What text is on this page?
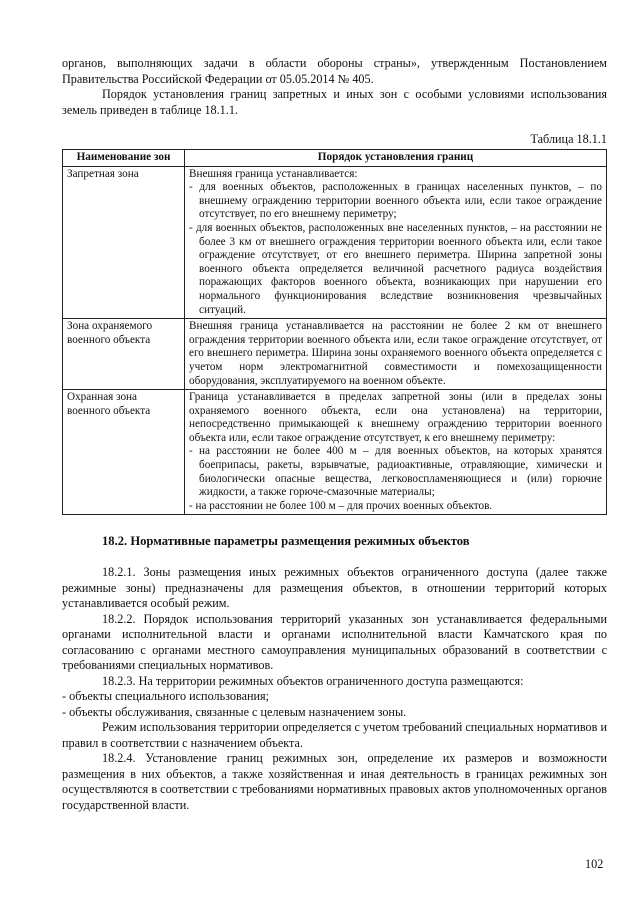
органов, выполняющих задачи в области обороны страны», утвержденным Постановлением Правительства Российской Федерации от 05.05.2014 № 405.

Порядок установления границ запретных и иных зон с особыми условиями использования земель приведен в таблице 18.1.1.

Таблица 18.1.1
Наименование зон	Порядок установления границ
Запретная зона	Внешняя граница устанавливается:
- для военных объектов, расположенных в границах населенных пунктов, – по внешнему ограждению территории военного объекта или, если такое ограждение отсутствует, по его внешнему периметру;
- для военных объектов, расположенных вне населенных пунктов, – на расстоянии не более 3 км от внешнего ограждения территории военного объекта или, если такое ограждение отсутствует, от его внешнего периметра. Ширина запретной зоны военного объекта определяется величиной расчетного радиуса воздействия поражающих факторов военного объекта, возникающих при нарушении его нормального функционирования вследствие возникновения чрезвычайных ситуаций.

Зона охраняемого военного объекта	Внешняя граница устанавливается на расстоянии не более 2 км от внешнего ограждения территории военного объекта или, если такое ограждение отсутствует, от его внешнего периметра. Ширина зоны охраняемого военного объекта определяется с учетом норм электромагнитной совместимости и помехозащищенности оборудования, эксплуатируемого на военном объекте.

Охранная зона военного объекта	Граница устанавливается в пределах запретной зоны (или в пределах зоны охраняемого военного объекта, если она установлена) на территории, непосредственно примыкающей к внешнему ограждению территории военного объекта или, если такое ограждение отсутствует, к его внешнему периметру:
- на расстоянии не более 400 м – для военных объектов, на которых хранятся боеприпасы, ракеты, взрывчатые, радиоактивные, отравляющие, химически и биологически опасные вещества, легковоспламеняющиеся и (или) горючие жидкости, а также горюче-смазочные материалы;
- на расстоянии не более 100 м – для прочих военных объектов.
18.2. Нормативные параметры размещения режимных объектов

18.2.1. Зоны размещения иных режимных объектов ограниченного доступа (далее также режимные зоны) предназначены для размещения объектов, в отношении территорий которых устанавливается особый режим.

18.2.2. Порядок использования территорий указанных зон устанавливается федеральными органами исполнительной власти и органами исполнительной власти Камчатского края по согласованию с органами местного самоуправления муниципальных образований в соответствии с требованиями специальных нормативов.

18.2.3. На территории режимных объектов ограниченного доступа размещаются:

- объекты специального использования;

- объекты обслуживания, связанные с целевым назначением зоны.

Режим использования территории определяется с учетом требований специальных нормативов и правил в соответствии с назначением объекта.

18.2.4. Установление границ режимных зон, определение их размеров и возможности размещения в них объектов, а также хозяйственная и иная деятельность в границах режимных зон осуществляются в соответствии с требованиями нормативных правовых актов уполномоченных органов государственной власти.

102
